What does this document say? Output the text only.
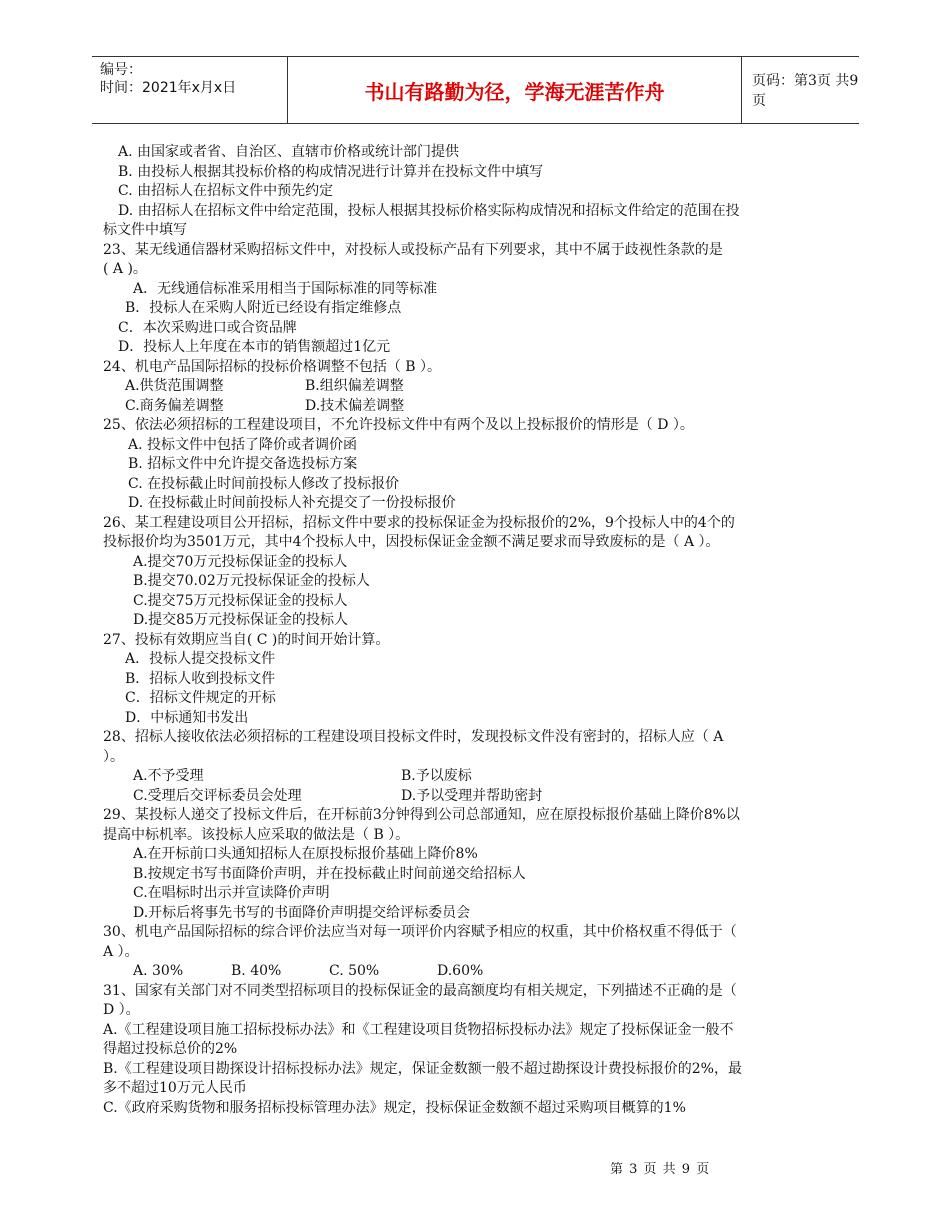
编号：
时间：2021年x月x日	书山有路勤为径，学海无涯苦作舟	页码：第3页 共9页
A. 由国家或者省、自治区、直辖市价格或统计部门提供
B. 由投标人根据其投标价格的构成情况进行计算并在投标文件中填写
C. 由招标人在招标文件中预先约定
D. 由招标人在招标文件中给定范围，投标人根据其投标价格实际构成情况和招标文件给定的范围在投
标文件中填写
23、某无线通信器材采购招标文件中，对投标人或投标产品有下列要求，其中不属于歧视性条款的是
( A )。
A．无线通信标准采用相当于国际标准的同等标准
B．投标人在采购人附近已经设有指定维修点
C．本次采购进口或合资品牌
D．投标人上年度在本市的销售额超过1亿元
24、机电产品国际招标的投标价格调整不包括（ B ）。
A.供货范围调整	B.组织偏差调整
C.商务偏差调整	D.技术偏差调整
25、依法必须招标的工程建设项目，不允许投标文件中有两个及以上投标报价的情形是（ D ）。
A. 投标文件中包括了降价或者调价函
B. 招标文件中允许提交备选投标方案
C. 在投标截止时间前投标人修改了投标报价
D. 在投标截止时间前投标人补充提交了一份投标报价
26、某工程建设项目公开招标，招标文件中要求的投标保证金为投标报价的2%，9个投标人中的4个的
投标报价均为3501万元，其中4个投标人中，因投标保证金金额不满足要求而导致废标的是（ A ）。
A.提交70万元投标保证金的投标人
B.提交70.02万元投标保证金的投标人
C.提交75万元投标保证金的投标人
D.提交85万元投标保证金的投标人
27、投标有效期应当自( C )的时间开始计算。
A．投标人提交投标文件
B．招标人收到投标文件
C．招标文件规定的开标
D．中标通知书发出
28、招标人接收依法必须招标的工程建设项目投标文件时，发现投标文件没有密封的，招标人应（ A
）。
A.不予受理	B.予以废标
C.受理后交评标委员会处理	D.予以受理并帮助密封
29、某投标人递交了投标文件后，在开标前3分钟得到公司总部通知，应在原投标报价基础上降价8%以
提高中标机率。该投标人应采取的做法是（ B ）。
A.在开标前口头通知招标人在原投标报价基础上降价8%
B.按规定书写书面降价声明，并在投标截止时间前递交给招标人
C.在唱标时出示并宣读降价声明
D.开标后将事先书写的书面降价声明提交给评标委员会
30、机电产品国际招标的综合评价法应当对每一项评价内容赋予相应的权重，其中价格权重不得低于（
A ）。
A. 30%	B. 40%	C. 50%	D.60%
31、国家有关部门对不同类型招标项目的投标保证金的最高额度均有相关规定，下列描述不正确的是（
D ）。
A.《工程建设项目施工招标投标办法》和《工程建设项目货物招标投标办法》规定了投标保证金一般不
得超过投标总价的2%
B.《工程建设项目勘探设计招标投标办法》规定，保证金数额一般不超过勘探设计费投标报价的2%，最
多不超过10万元人民币
C.《政府采购货物和服务招标投标管理办法》规定，投标保证金数额不超过采购项目概算的1%
第 3 页 共 9 页
